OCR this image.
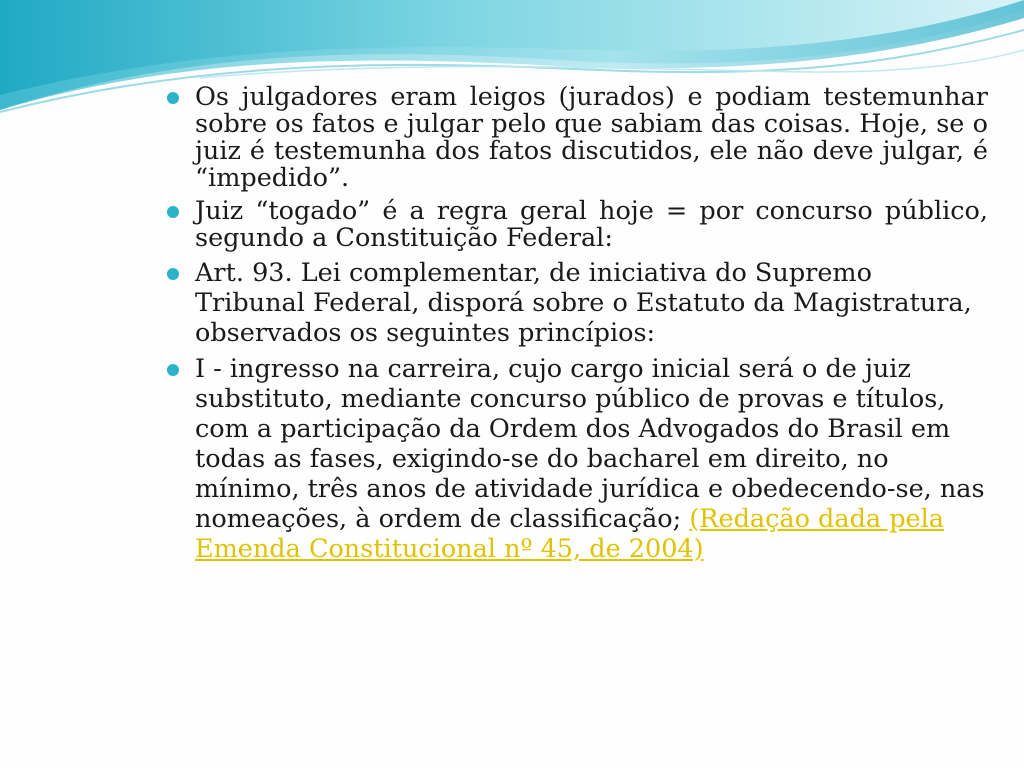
Os julgadores eram leigos (jurados) e podiam testemunhar sobre os fatos e julgar pelo que sabiam das coisas. Hoje, se o juiz é testemunha dos fatos discutidos, ele não deve julgar, é “impedido”.
Juiz “togado” é a regra geral hoje = por concurso público, segundo a Constituição Federal:
Art. 93. Lei complementar, de iniciativa do Supremo Tribunal Federal, disporá sobre o Estatuto da Magistratura, observados os seguintes princípios:
I - ingresso na carreira, cujo cargo inicial será o de juiz substituto, mediante concurso público de provas e títulos, com a participação da Ordem dos Advogados do Brasil em todas as fases, exigindo-se do bacharel em direito, no mínimo, três anos de atividade jurídica e obedecendo-se, nas nomeações, à ordem de classificação; (Redação dada pela Emenda Constitucional nº 45, de 2004)
